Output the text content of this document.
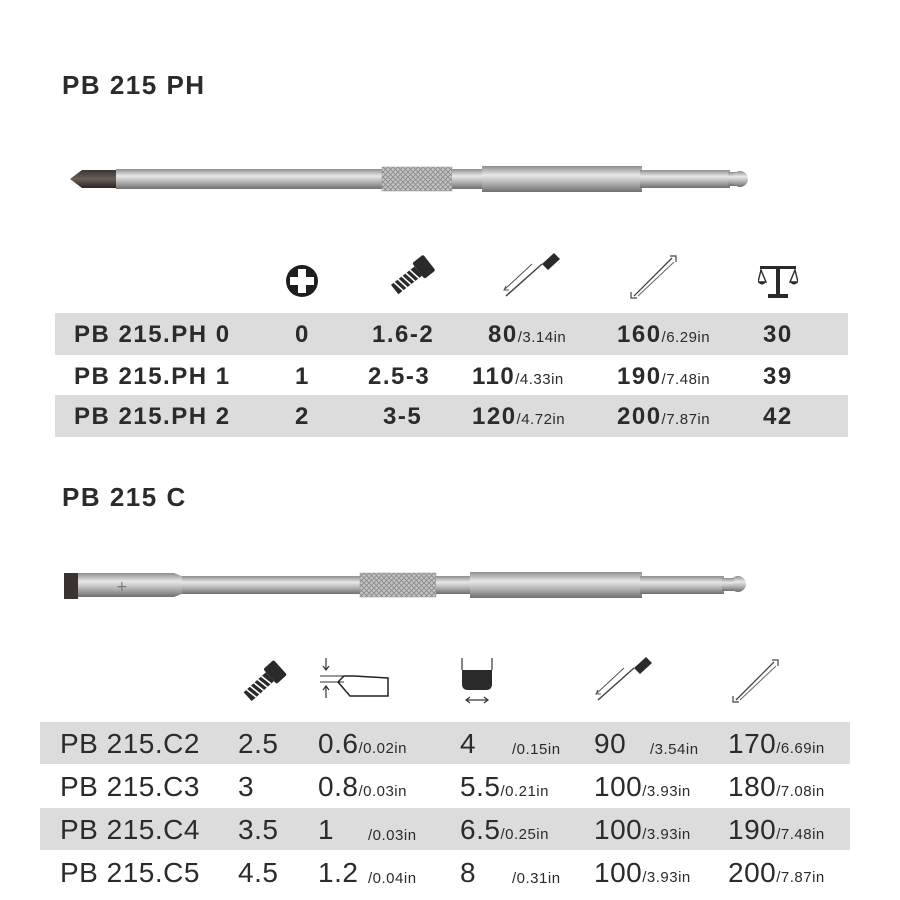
PB 215 PH
PB 215.PH 0	0	1.6-2 80/3.14in 160/6.29in 30
PB 215.PH 1	1 2.5-3 110/4.33in 190/7.48in 39
PB 215.PH 2	2	3-5 120/4.72in 200/7.87in 42
PB 215 C
+
PB 215.C2 2.5 0.6/0.02in 4 /0.15in 90 /3.54in 170/6.69in
PB 215.C3 3 0.8/0.03in 5.5/0.21in 100/3.93in 180/7.08in
PB 215.C4 3.5 1 /0.03in 6.5/0.25in 100/3.93in 190/7.48in
PB 215.C5 4.5 1.2 /0.04in 8 /0.31in 100/3.93in 200/7.87in
